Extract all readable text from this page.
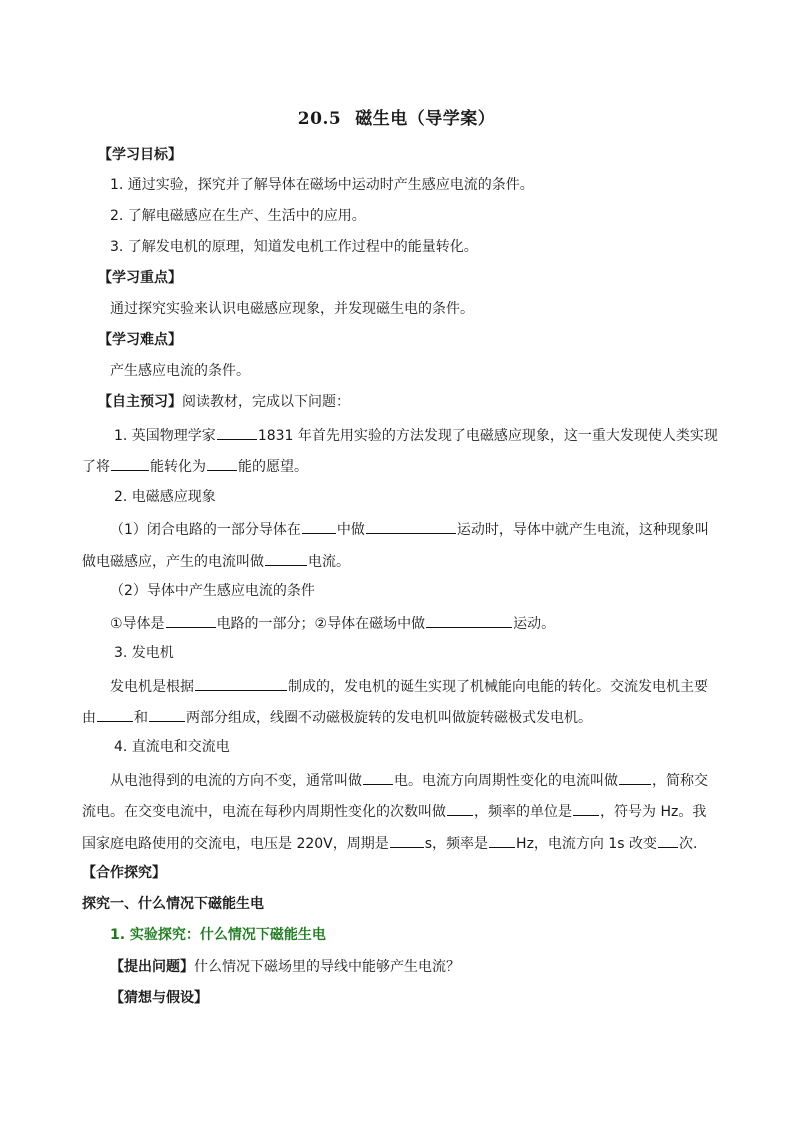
20.5 磁生电（导学案）
【学习目标】
1. 通过实验，探究并了解导体在磁场中运动时产生感应电流的条件。
2. 了解电磁感应在生产、生活中的应用。
3. 了解发电机的原理，知道发电机工作过程中的能量转化。
【学习重点】
通过探究实验来认识电磁感应现象，并发现磁生电的条件。
【学习难点】
产生感应电流的条件。
【自主预习】阅读教材，完成以下问题：
1. 英国物理学家	1831 年首先用实验的方法发现了电磁感应现象，这一重大发现使人类实现
了将	能转化为 能的愿望。
2. 电磁感应现象
（1）闭合电路的一部分导体在	中做	运动时，导体中就产生电流，这种现象叫
做电磁感应，产生的电流叫做	电流。
（2）导体中产生感应电流的条件
①导体是	电路的一部分；②导体在磁场中做	运动。
3. 发电机
发电机是根据	制成的，发电机的诞生实现了机械能向电能的转化。交流发电机主要
由	和	两部分组成，线圈不动磁极旋转的发电机叫做旋转磁极式发电机。
4. 直流电和交流电
从电池得到的电流的方向不变，通常叫做 电。电流方向周期性变化的电流叫做 ，简称交
流电。在交变电流中，电流在每秒内周期性变化的次数叫做 ，频率的单位是 ，符号为 Hz。我
国家庭电路使用的交流电，电压是 220V，周期是	s，频率是 Hz，电流方向 1s 改变 次.
【合作探究】
探究一、什么情况下磁能生电
1. 实验探究：什么情况下磁能生电
【提出问题】什么情况下磁场里的导线中能够产生电流？
【猜想与假设】
